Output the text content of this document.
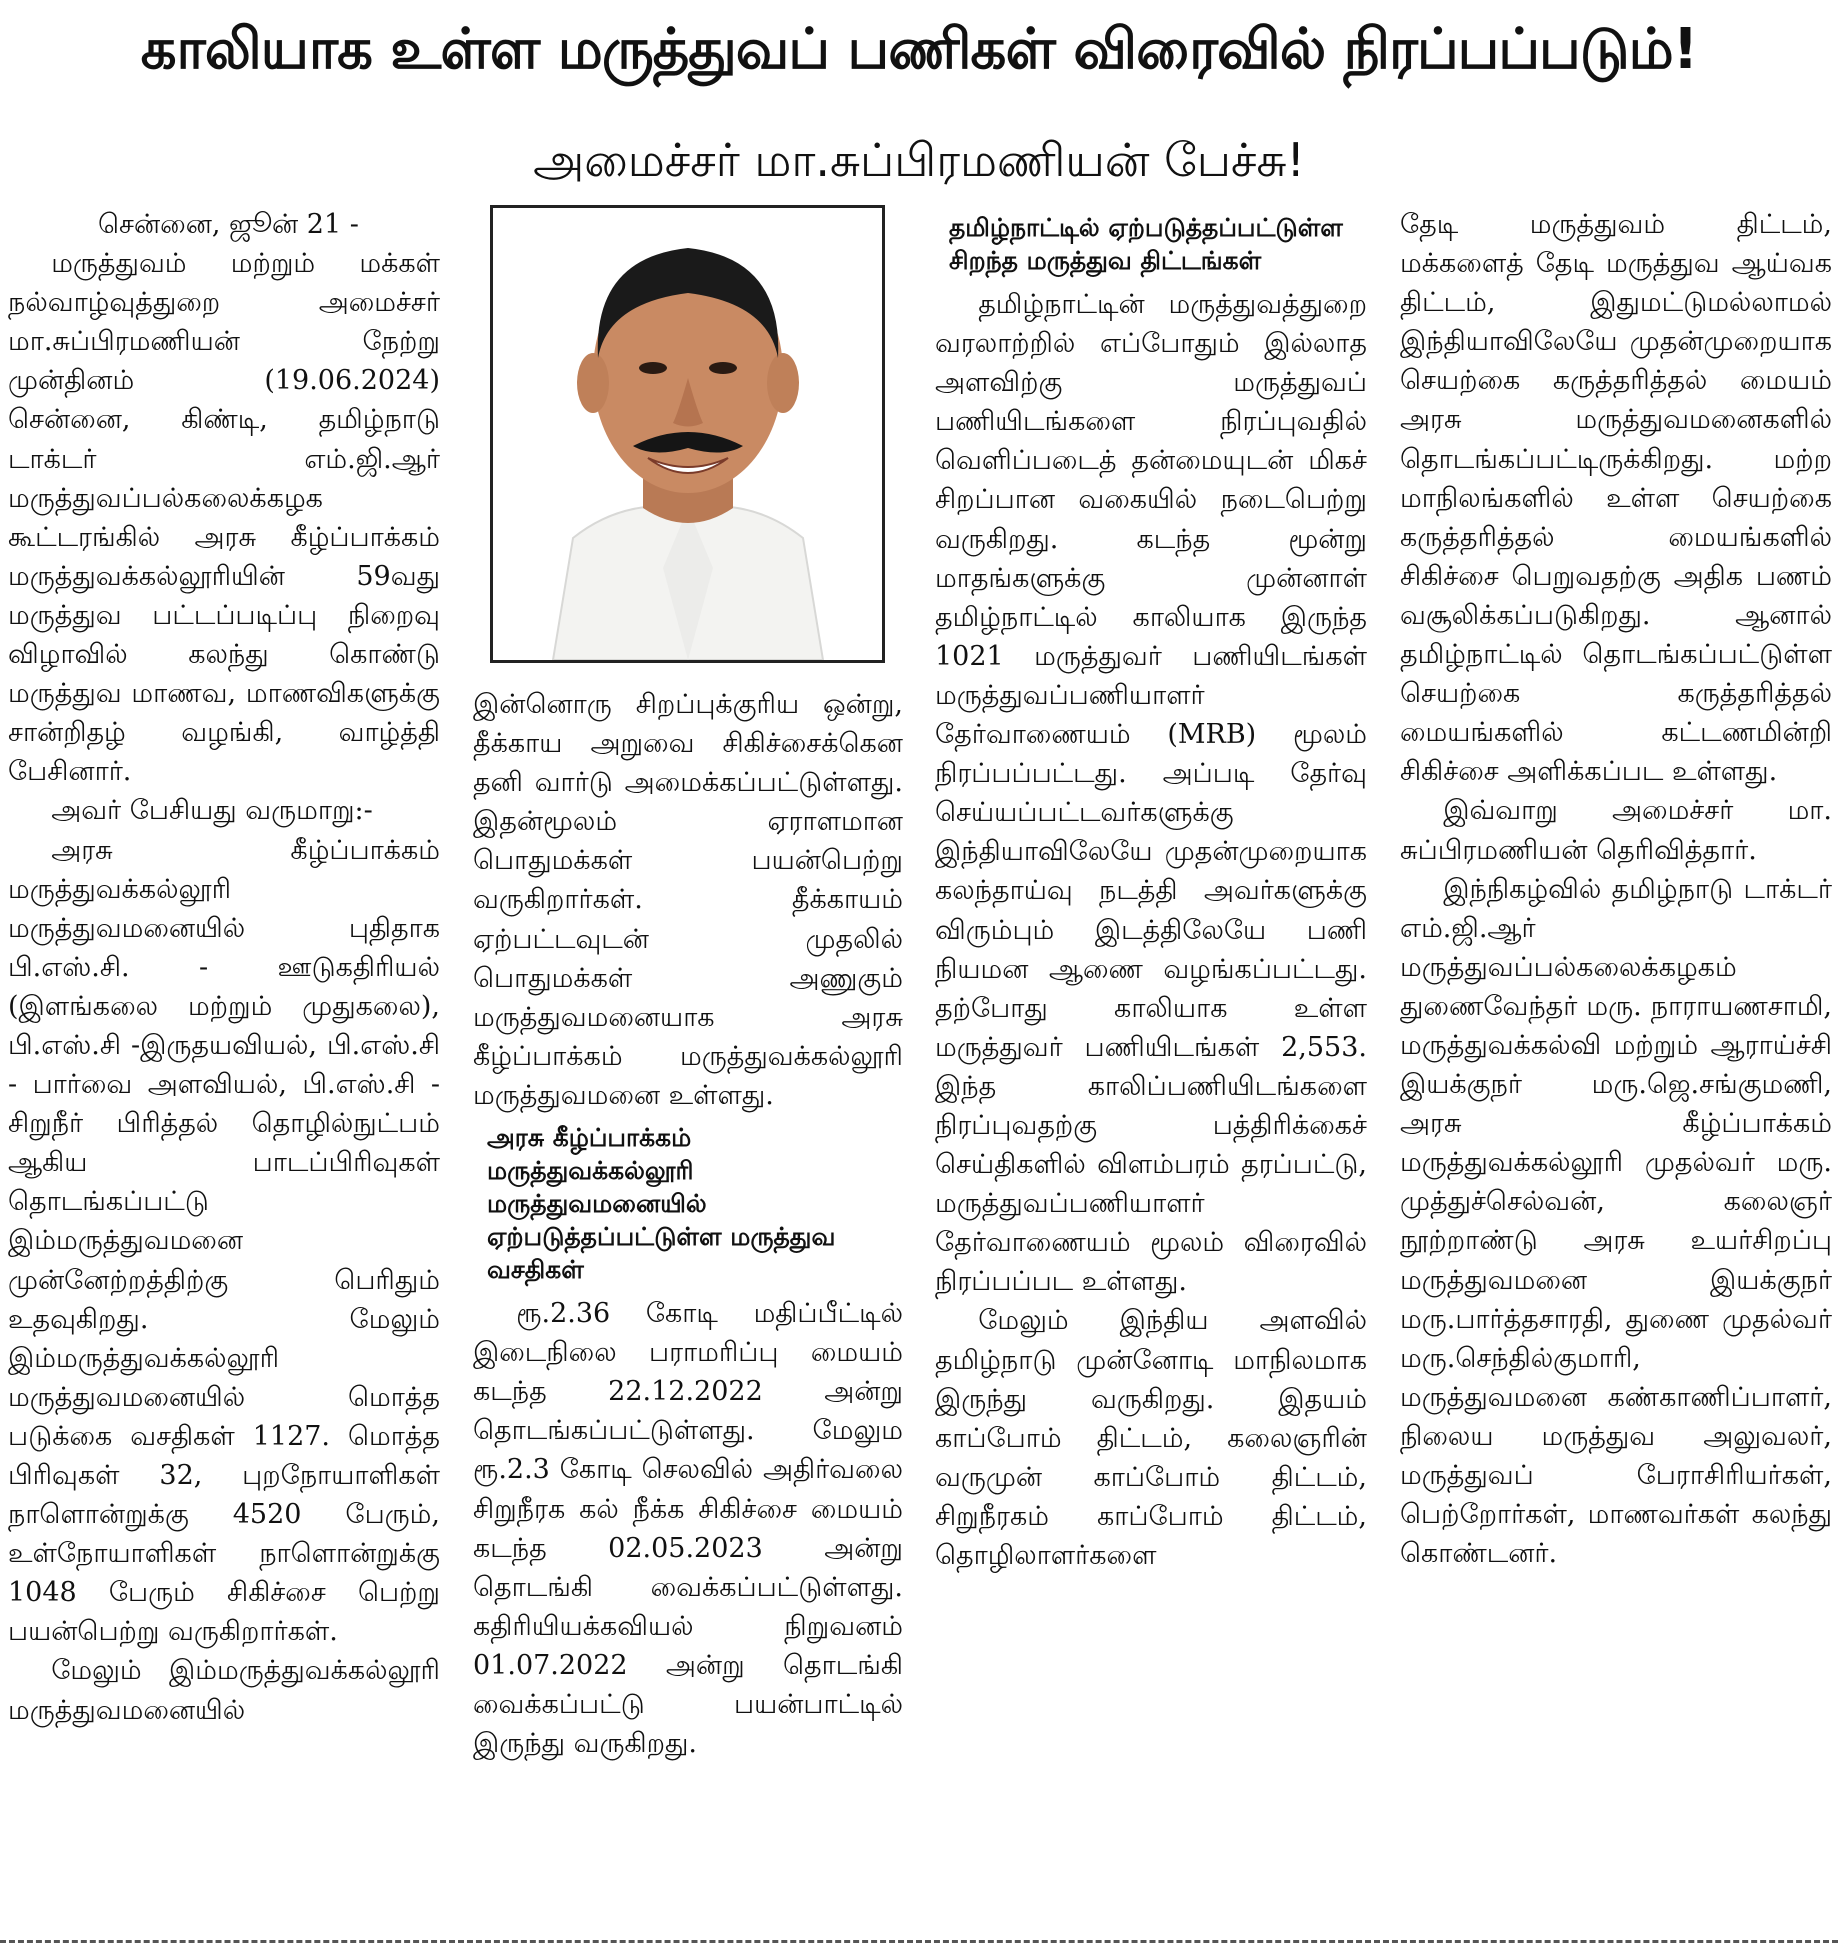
காலியாக உள்ள மருத்துவப் பணிகள் விரைவில் நிரப்பப்படும்!
அமைச்சர் மா.சுப்பிரமணியன் பேச்சு!

சென்னை, ஜூன் 21 -

மருத்துவம் மற்றும் மக்கள் நல்வாழ்வுத்துறை அமைச்சர் மா.சுப்பிரமணியன் நேற்று முன்தினம் (19.06.2024) சென்னை, கிண்டி, தமிழ்நாடு டாக்டர் எம்.ஜி.ஆர் மருத்துவப்பல்கலைக்கழக கூட்டரங்கில் அரசு கீழ்ப்பாக்கம் மருத்துவக்கல்லூரியின் 59வது மருத்துவ பட்டப்படிப்பு நிறைவு விழாவில் கலந்து கொண்டு மருத்துவ மாணவ, மாணவிகளுக்கு சான்றிதழ் வழங்கி, வாழ்த்தி பேசினார்.

அவர் பேசியது வருமாறு:-

அரசு கீழ்ப்பாக்கம் மருத்துவக்கல்லூரி மருத்துவமனையில் புதிதாக பி.எஸ்.சி. - ஊடுகதிரியல் (இளங்கலை மற்றும் முதுகலை), பி.எஸ்.சி -இருதயவியல், பி.எஸ்.சி - பார்வை அளவியல், பி.எஸ்.சி - சிறுநீர் பிரித்தல் தொழில்நுட்பம் ஆகிய பாடப்பிரிவுகள் தொடங்கப்பட்டு இம்மருத்துவமனை முன்னேற்றத்திற்கு பெரிதும் உதவுகிறது. மேலும் இம்மருத்துவக்கல்லூரி மருத்துவமனையில் மொத்த படுக்கை வசதிகள் 1127. மொத்த பிரிவுகள் 32, புறநோயாளிகள் நாளொன்றுக்கு 4520 பேரும், உள்நோயாளிகள் நாளொன்றுக்கு 1048 பேரும் சிகிச்சை பெற்று பயன்பெற்று வருகிறார்கள்.

மேலும் இம்மருத்துவக்கல்லூரி மருத்துவமனையில்

இன்னொரு சிறப்புக்குரிய ஒன்று, தீக்காய அறுவை சிகிச்சைக்கென தனி வார்டு அமைக்கப்பட்டுள்ளது. இதன்மூலம் ஏராளமான பொதுமக்கள் பயன்பெற்று வருகிறார்கள். தீக்காயம் ஏற்பட்டவுடன் முதலில் பொதுமக்கள் அணுகும் மருத்துவமனையாக அரசு கீழ்ப்பாக்கம் மருத்துவக்கல்லூரி மருத்துவமனை உள்ளது.

அரசு கீழ்ப்பாக்கம் மருத்துவக்கல்லூரி மருத்துவமனையில் ஏற்படுத்தப்பட்டுள்ள மருத்துவ வசதிகள்

ரூ.2.36 கோடி மதிப்பீட்டில் இடைநிலை பராமரிப்பு மையம் கடந்த 22.12.2022 அன்று தொடங்கப்பட்டுள்ளது. மேலும ரூ.2.3 கோடி செலவில் அதிர்வலை சிறுநீரக கல் நீக்க சிகிச்சை மையம் கடந்த 02.05.2023 அன்று தொடங்கி வைக்கப்பட்டுள்ளது. கதிரியியக்கவியல் நிறுவனம் 01.07.2022 அன்று தொடங்கி வைக்கப்பட்டு பயன்பாட்டில் இருந்து வருகிறது.

தமிழ்நாட்டில் ஏற்படுத்தப்பட்டுள்ள சிறந்த மருத்துவ திட்டங்கள்

தமிழ்நாட்டின் மருத்துவத்துறை வரலாற்றில் எப்போதும் இல்லாத அளவிற்கு மருத்துவப் பணியிடங்களை நிரப்புவதில் வெளிப்படைத் தன்மையுடன் மிகச் சிறப்பான வகையில் நடைபெற்று வருகிறது. கடந்த மூன்று மாதங்களுக்கு முன்னாள் தமிழ்நாட்டில் காலியாக இருந்த 1021 மருத்துவர் பணியிடங்கள் மருத்துவப்பணியாளர் தேர்வாணையம் (MRB) மூலம் நிரப்பப்பட்டது. அப்படி தேர்வு செய்யப்பட்டவர்களுக்கு இந்தியாவிலேயே முதன்முறையாக கலந்தாய்வு நடத்தி அவர்களுக்கு விரும்பும் இடத்திலேயே பணி நியமன ஆணை வழங்கப்பட்டது. தற்போது காலியாக உள்ள மருத்துவர் பணியிடங்கள் 2,553. இந்த காலிப்பணியிடங்களை நிரப்புவதற்கு பத்திரிக்கைச் செய்திகளில் விளம்பரம் தரப்பட்டு, மருத்துவப்பணியாளர் தேர்வாணையம் மூலம் விரைவில் நிரப்பப்பட உள்ளது.

மேலும் இந்திய அளவில் தமிழ்நாடு முன்னோடி மாநிலமாக இருந்து வருகிறது. இதயம் காப்போம் திட்டம், கலைஞரின் வருமுன் காப்போம் திட்டம், சிறுநீரகம் காப்போம் திட்டம், தொழிலாளர்களை

தேடி மருத்துவம் திட்டம், மக்களைத் தேடி மருத்துவ ஆய்வக திட்டம், இதுமட்டுமல்லாமல் இந்தியாவிலேயே முதன்முறையாக செயற்கை கருத்தரித்தல் மையம் அரசு மருத்துவமனைகளில் தொடங்கப்பட்டிருக்கிறது. மற்ற மாநிலங்களில் உள்ள செயற்கை கருத்தரித்தல் மையங்களில் சிகிச்சை பெறுவதற்கு அதிக பணம் வசூலிக்கப்படுகிறது. ஆனால் தமிழ்நாட்டில் தொடங்கப்பட்டுள்ள செயற்கை கருத்தரித்தல் மையங்களில் கட்டணமின்றி சிகிச்சை அளிக்கப்பட உள்ளது.

இவ்வாறு அமைச்சர் மா. சுப்பிரமணியன் தெரிவித்தார்.

இந்நிகழ்வில் தமிழ்நாடு டாக்டர் எம்.ஜி.ஆர் மருத்துவப்பல்கலைக்கழகம் துணைவேந்தர் மரு. நாராயணசாமி, மருத்துவக்கல்வி மற்றும் ஆராய்ச்சி இயக்குநர் மரு.ஜெ.சங்குமணி, அரசு கீழ்ப்பாக்கம் மருத்துவக்கல்லூரி முதல்வர் மரு. முத்துச்செல்வன், கலைஞர் நூற்றாண்டு அரசு உயர்சிறப்பு மருத்துவமனை இயக்குநர் மரு.பார்த்தசாரதி, துணை முதல்வர் மரு.செந்தில்குமாரி, மருத்துவமனை கண்காணிப்பாளர், நிலைய மருத்துவ அலுவலர், மருத்துவப் பேராசிரியர்கள், பெற்றோர்கள், மாணவர்கள் கலந்து கொண்டனர்.
